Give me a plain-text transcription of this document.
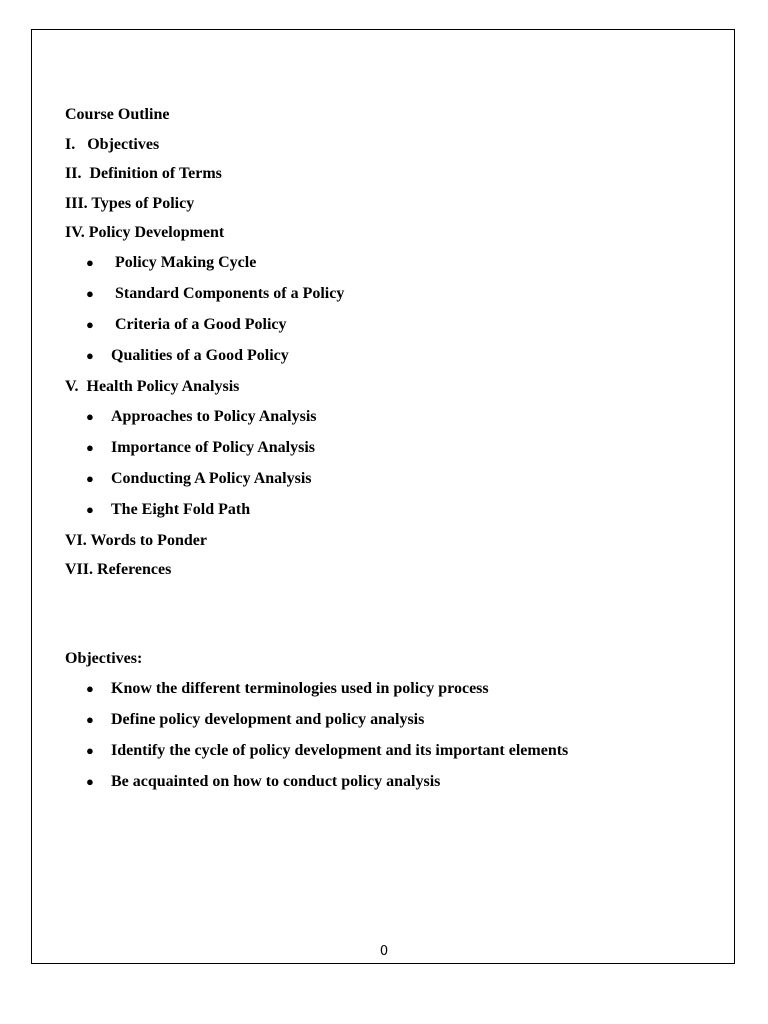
Course Outline
I.   Objectives
II.  Definition of Terms
III. Types of Policy
IV. Policy Development
● Policy Making Cycle
● Standard Components of a Policy
● Criteria of a Good Policy
● Qualities of a Good Policy
V.  Health Policy Analysis
● Approaches to Policy Analysis
● Importance of Policy Analysis
● Conducting A Policy Analysis
● The Eight Fold Path
VI. Words to Ponder
VII. References
Objectives:
● Know the different terminologies used in policy process
● Define policy development and policy analysis
● Identify the cycle of policy development and its important elements
● Be acquainted on how to conduct policy analysis
0
